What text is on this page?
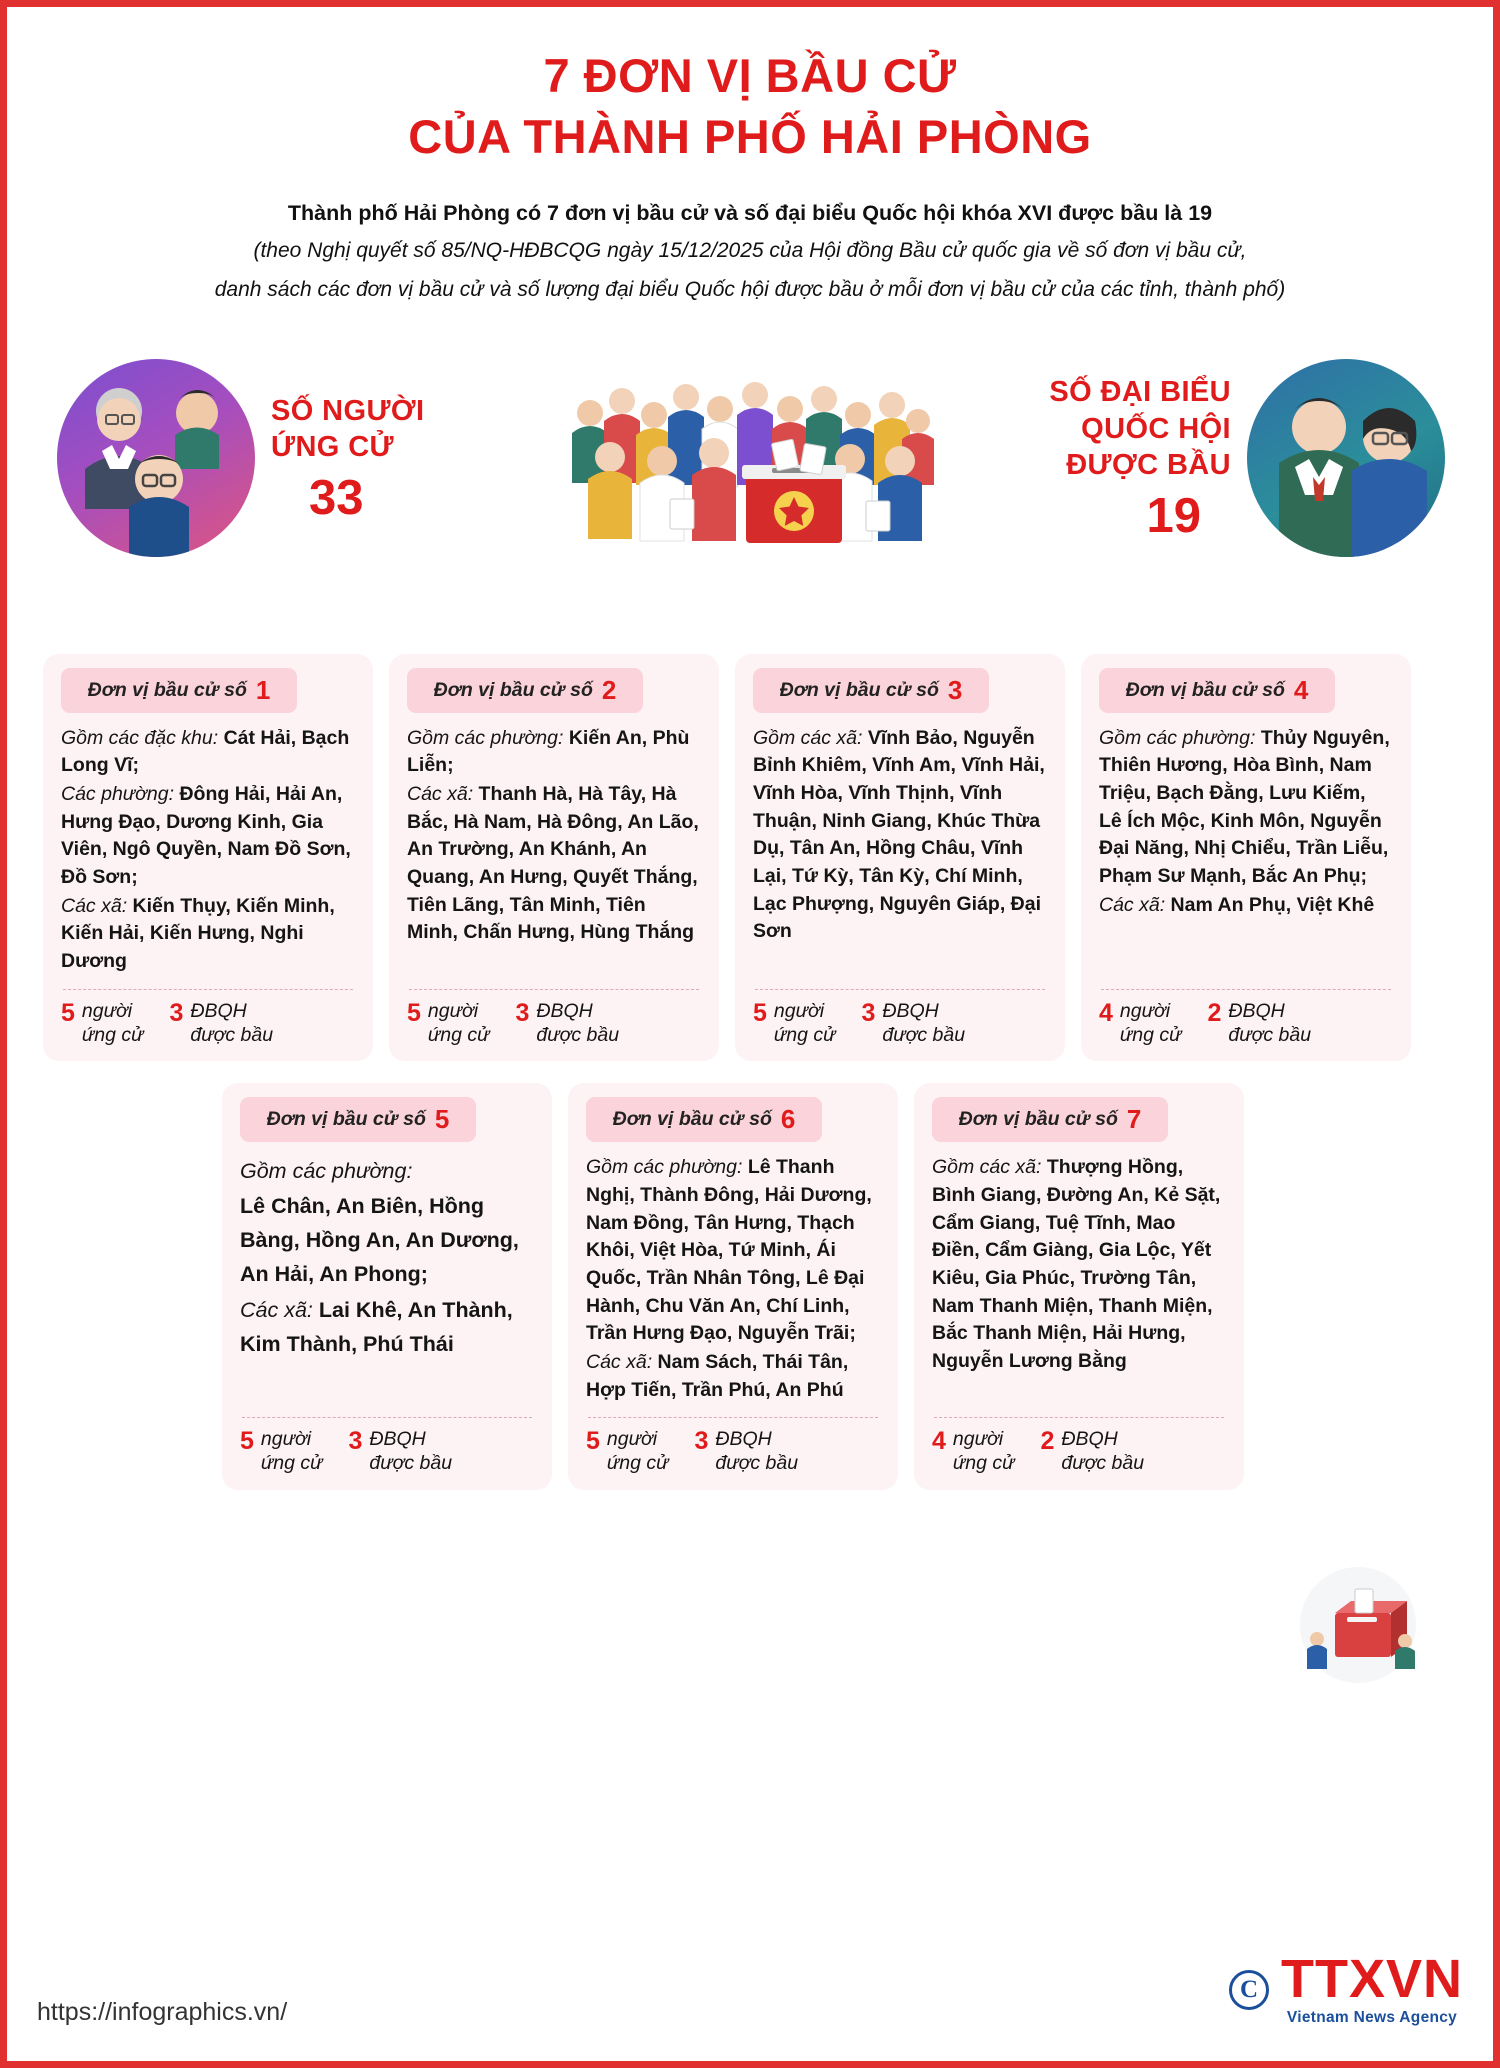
7 ĐƠN VỊ BẦU CỬ
CỦA THÀNH PHỐ HẢI PHÒNG
Thành phố Hải Phòng có 7 đơn vị bầu cử và số đại biểu Quốc hội khóa XVI được bầu là 19
(theo Nghị quyết số 85/NQ-HĐBCQG ngày 15/12/2025 của Hội đồng Bầu cử quốc gia về số đơn vị bầu cử,
danh sách các đơn vị bầu cử và số lượng đại biểu Quốc hội được bầu ở mỗi đơn vị bầu cử của các tỉnh, thành phố)
SỐ NGƯỜI
ỨNG CỬ
33
SỐ ĐẠI BIỂU
QUỐC HỘI
ĐƯỢC BẦU
19
Đơn vị bầu cử số 1
Gồm các đặc khu: Cát Hải, Bạch Long Vĩ;
Các phường: Đông Hải, Hải An, Hưng Đạo, Dương Kinh, Gia Viên, Ngô Quyền, Nam Đồ Sơn, Đồ Sơn;
Các xã: Kiến Thụy, Kiến Minh, Kiến Hải, Kiến Hưng, Nghi Dương
5 người
ứng cử
3 ĐBQH
được bầu
Đơn vị bầu cử số 2
Gồm các phường: Kiến An, Phù Liễn;
Các xã: Thanh Hà, Hà Tây, Hà Bắc, Hà Nam, Hà Đông, An Lão, An Trường, An Khánh, An Quang, An Hưng, Quyết Thắng, Tiên Lãng, Tân Minh, Tiên Minh, Chấn Hưng, Hùng Thắng
5 người
ứng cử
3 ĐBQH
được bầu
Đơn vị bầu cử số 3
Gồm các xã: Vĩnh Bảo, Nguyễn Bỉnh Khiêm, Vĩnh Am, Vĩnh Hải, Vĩnh Hòa, Vĩnh Thịnh, Vĩnh Thuận, Ninh Giang, Khúc Thừa Dụ, Tân An, Hồng Châu, Vĩnh Lại, Tứ Kỳ, Tân Kỳ, Chí Minh, Lạc Phượng, Nguyên Giáp, Đại Sơn
5 người
ứng cử
3 ĐBQH
được bầu
Đơn vị bầu cử số 4
Gồm các phường: Thủy Nguyên, Thiên Hương, Hòa Bình, Nam Triệu, Bạch Đằng, Lưu Kiếm, Lê Ích Mộc, Kinh Môn, Nguyễn Đại Năng, Nhị Chiểu, Trần Liễu, Phạm Sư Mạnh, Bắc An Phụ;
Các xã: Nam An Phụ, Việt Khê
4 người
ứng cử
2 ĐBQH
được bầu
Đơn vị bầu cử số 5
Gồm các phường:
Lê Chân, An Biên, Hồng Bàng, Hồng An, An Dương, An Hải, An Phong;
Các xã: Lai Khê, An Thành, Kim Thành, Phú Thái
5 người
ứng cử
3 ĐBQH
được bầu
Đơn vị bầu cử số 6
Gồm các phường: Lê Thanh Nghị, Thành Đông, Hải Dương, Nam Đồng, Tân Hưng, Thạch Khôi, Việt Hòa, Tứ Minh, Ái Quốc, Trần Nhân Tông, Lê Đại Hành, Chu Văn An, Chí Linh, Trần Hưng Đạo, Nguyễn Trãi;
Các xã: Nam Sách, Thái Tân, Hợp Tiến, Trần Phú, An Phú
5 người
ứng cử
3 ĐBQH
được bầu
Đơn vị bầu cử số 7
Gồm các xã: Thượng Hồng, Bình Giang, Đường An, Kẻ Sặt, Cẩm Giang, Tuệ Tĩnh, Mao Điền, Cẩm Giàng, Gia Lộc, Yết Kiêu, Gia Phúc, Trường Tân, Nam Thanh Miện, Thanh Miện, Bắc Thanh Miện, Hải Hưng, Nguyễn Lương Bằng
4 người
ứng cử
2 ĐBQH
được bầu
https://infographics.vn/
C TTXVN
Vietnam News Agency
